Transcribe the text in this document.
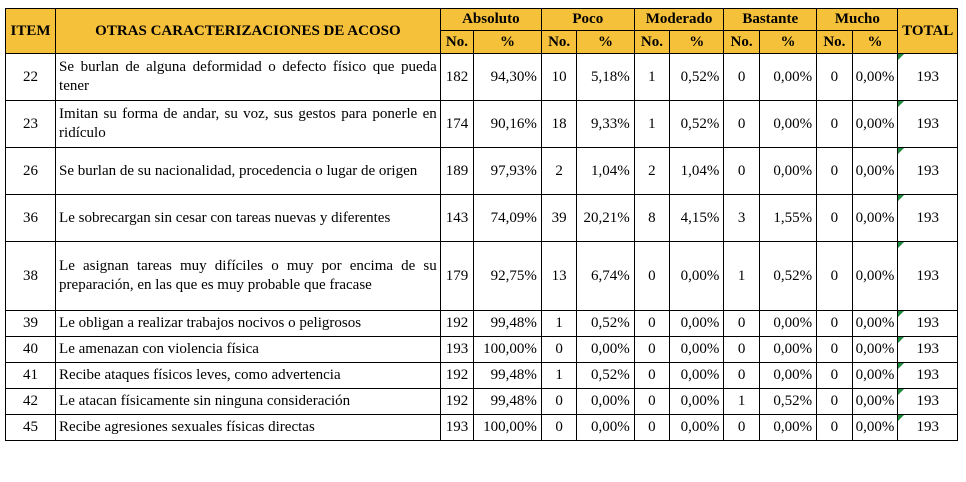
ITEM	OTRAS CARACTERIZACIONES DE ACOSO	Absoluto		Poco		Moderado		Bastante		Mucho		TOTAL
		No.	%	No.	%	No.	%	No.	%	No.	%	
22	Se burlan de alguna deformidad o defecto físico que pueda tener	182	94,30%	10	5,18%	1	0,52%	0	0,00%	0	0,00%	193
23	Imitan su forma de andar, su voz, sus gestos para ponerle en ridículo	174	90,16%	18	9,33%	1	0,52%	0	0,00%	0	0,00%	193
26	Se burlan de su nacionalidad, procedencia o lugar de origen	189	97,93%	2	1,04%	2	1,04%	0	0,00%	0	0,00%	193
36	Le sobrecargan sin cesar con tareas nuevas y diferentes	143	74,09%	39	20,21%	8	4,15%	3	1,55%	0	0,00%	193
38	Le asignan tareas muy difíciles o muy por encima de su preparación, en las que es muy probable que fracase	179	92,75%	13	6,74%	0	0,00%	1	0,52%	0	0,00%	193
39	Le obligan a realizar trabajos nocivos o peligrosos	192	99,48%	1	0,52%	0	0,00%	0	0,00%	0	0,00%	193
40	Le amenazan con violencia física	193	100,00%	0	0,00%	0	0,00%	0	0,00%	0	0,00%	193
41	Recibe ataques físicos leves, como advertencia	192	99,48%	1	0,52%	0	0,00%	0	0,00%	0	0,00%	193
42	Le atacan físicamente sin ninguna consideración	192	99,48%	0	0,00%	0	0,00%	1	0,52%	0	0,00%	193
45	Recibe agresiones sexuales físicas directas	193	100,00%	0	0,00%	0	0,00%	0	0,00%	0	0,00%	193
